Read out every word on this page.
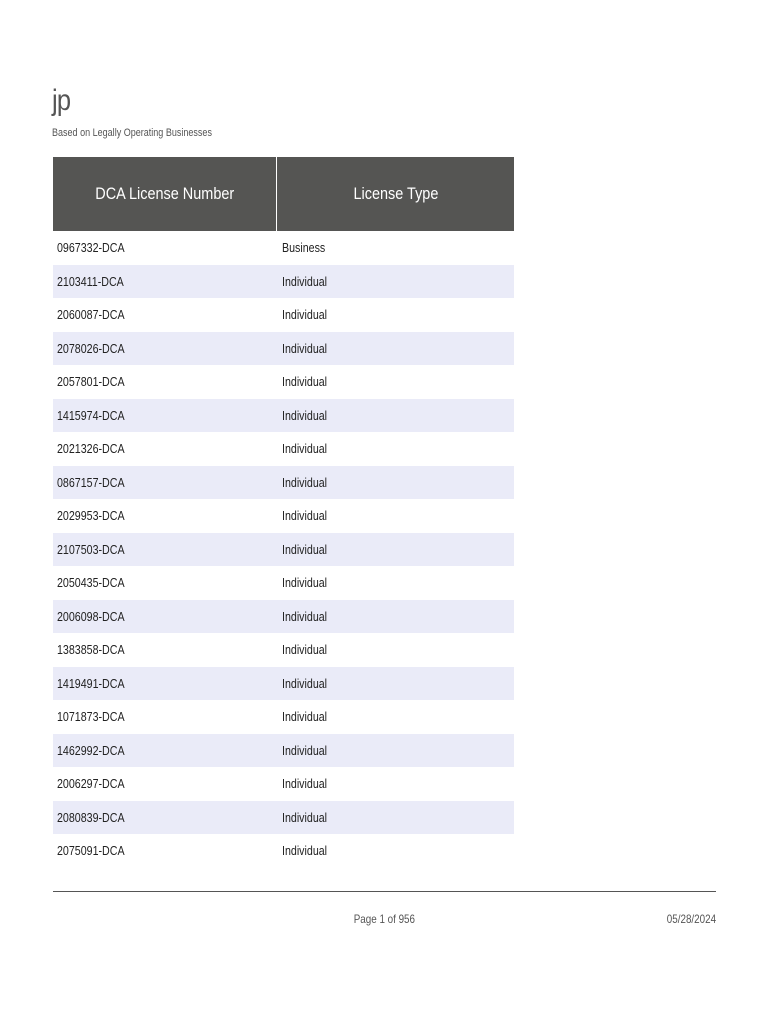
jp
Based on Legally Operating Businesses
DCA License Number	License Type
0967332-DCA	Business
2103411-DCA	Individual
2060087-DCA	Individual
2078026-DCA	Individual
2057801-DCA	Individual
1415974-DCA	Individual
2021326-DCA	Individual
0867157-DCA	Individual
2029953-DCA	Individual
2107503-DCA	Individual
2050435-DCA	Individual
2006098-DCA	Individual
1383858-DCA	Individual
1419491-DCA	Individual
1071873-DCA	Individual
1462992-DCA	Individual
2006297-DCA	Individual
2080839-DCA	Individual
2075091-DCA	Individual
Page 1 of 956	05/28/2024
